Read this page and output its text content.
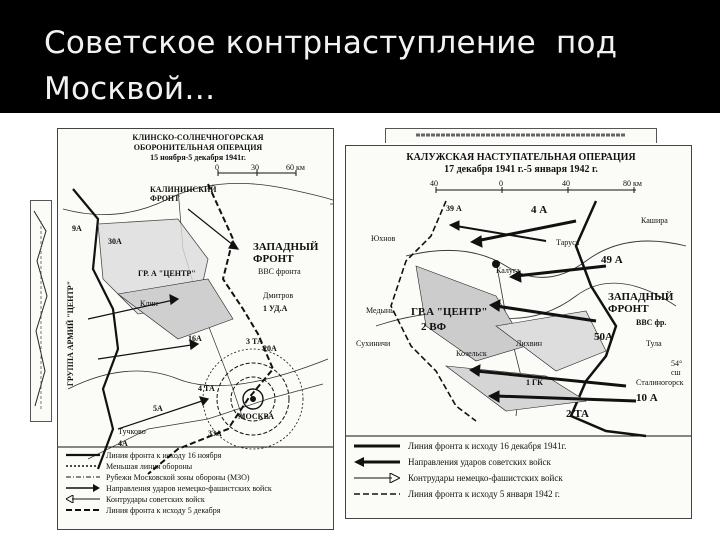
Советское контрнаступление  под
Москвой…
КЛИНСКО-СОЛНЕЧНОГОРСКАЯ
ОБОРОНИТЕЛЬНАЯ ОПЕРАЦИЯ
15 ноября-5 декабря 1941г.
0	30	60 км
КАЛИНИНСКИЙ
ФРОНТ
30А
9А
ГР. А "ЦЕНТР"
ЗАПАДНЫЙ
ФРОНТ
ВВС фронта
Клин
Дмитров
1 УД.А
16А
20А
3 ТА
4 ТА
МОСКВА
5А
33А
4А
Тучково
ГРУППА АРМИЙ "ЦЕНТР"
Линия фронта к исходу 16 ноября
Меньшая линия обороны
Рубежи Московской зоны обороны (МЗО)
Направления ударов немецко-фашистских войск
Контрудары советских войск
Линия фронта к исходу 5 декабря
КАЛУЖСКАЯ НАСТУПАТЕЛЬНАЯ ОПЕРАЦИЯ
17 декабря 1941 г.-5 января 1942 г.
40	0	40	80 км
39 А	4 А
Юхнов	Таруса
Каширa
Калуга
49 А
ЗАПАДНЫЙ
ФРОНТ
ВВС фр.
Медынь ГР.А "ЦЕНТР"
2 ВФ
50А
Сухиничи	Лихвин
Козельск
Тула
54°
сш
1 ГК	Сталиногорск
10 А
2 ТА
Линия фронта к исходу 16 декабря 1941г.
Направления ударов советских войск
Контрудары немецко-фашистских войск
Линия фронта к исходу 5 января 1942 г.
